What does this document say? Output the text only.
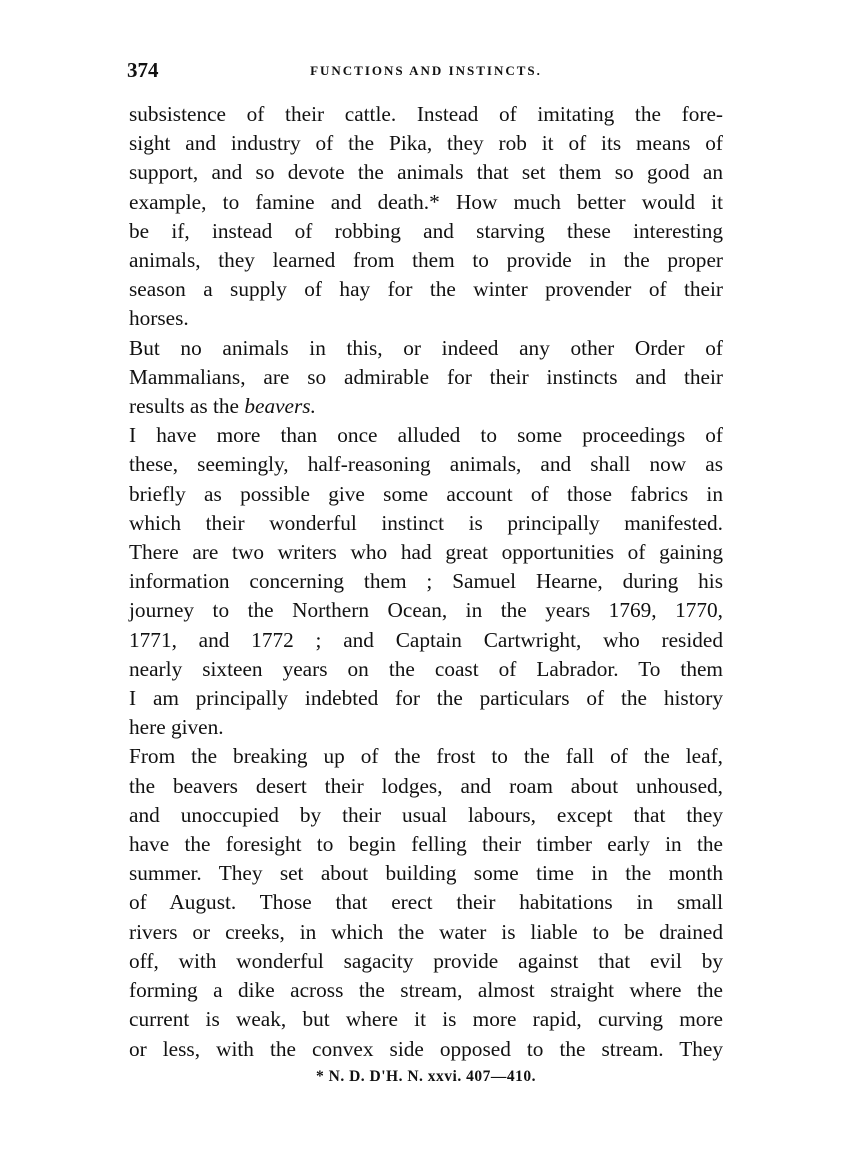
374	FUNCTIONS AND INSTINCTS.
subsistence of their cattle. Instead of imitating the fore-
sight and industry of the Pika, they rob it of its means of
support, and so devote the animals that set them so good an
example, to famine and death.* How much better would it
be if, instead of robbing and starving these interesting
animals, they learned from them to provide in the proper
season a supply of hay for the winter provender of their
horses.
But no animals in this, or indeed any other Order of
Mammalians, are so admirable for their instincts and their
results as the beavers.
I have more than once alluded to some proceedings of
these, seemingly, half-reasoning animals, and shall now as
briefly as possible give some account of those fabrics in
which their wonderful instinct is principally manifested.
There are two writers who had great opportunities of gaining
information concerning them ; Samuel Hearne, during his
journey to the Northern Ocean, in the years 1769, 1770,
1771, and 1772 ; and Captain Cartwright, who resided
nearly sixteen years on the coast of Labrador. To them
I am principally indebted for the particulars of the history
here given.
From the breaking up of the frost to the fall of the leaf,
the beavers desert their lodges, and roam about unhoused,
and unoccupied by their usual labours, except that they
have the foresight to begin felling their timber early in the
summer. They set about building some time in the month
of August. Those that erect their habitations in small
rivers or creeks, in which the water is liable to be drained
off, with wonderful sagacity provide against that evil by
forming a dike across the stream, almost straight where the
current is weak, but where it is more rapid, curving more
or less, with the convex side opposed to the stream. They
* N. D. D'H. N. xxvi. 407—410.
